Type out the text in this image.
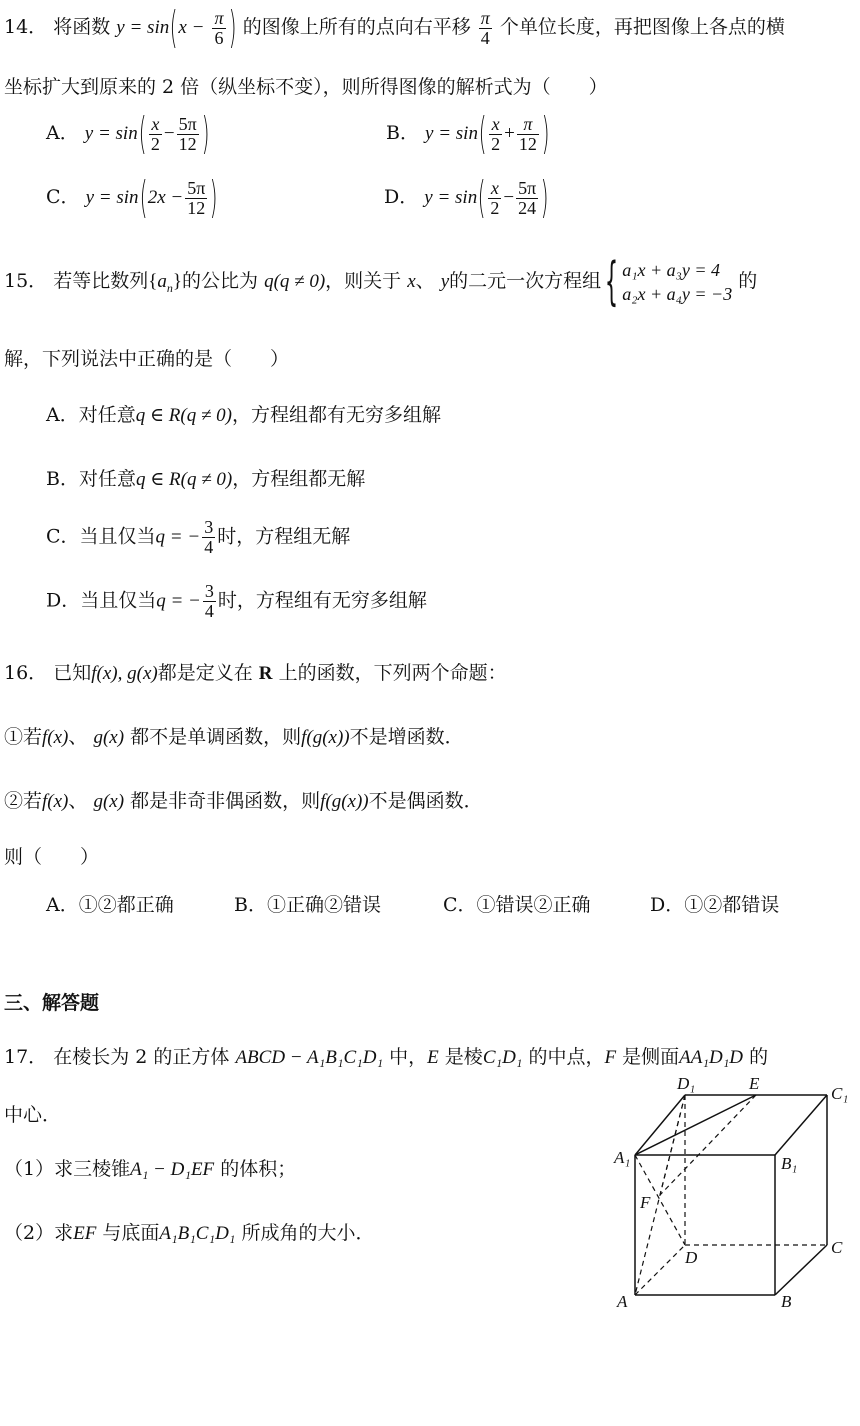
14． 将函数 $y = \sin(x - \frac{\pi}{6}$ ) 的图像上所有的点向右平移 $\frac{\pi}{4}$ 个单位长度，再把图像上各点的横
坐标扩大到原来的 2 倍（纵坐标不变），则所得图像的解析式为（　　）
A． $y = \sin( \frac{x}{2} - \frac{5\pi}{12}$ )	B． $y = \sin( \frac{x}{2} + \frac{\pi}{12}$ )
C． $y = \sin(2x - \frac{5\pi}{12}$ )	D． $y = \sin( \frac{x}{2} - \frac{5\pi}{24}$ )
15． 若等比数列$\{a_n\}$的公比为 q(q ≠ 0)，则关于 x、 y的二元一次方程组{ a₁x + a₃y = 4
a₂x + a₄y = −3
的
解，下列说法中正确的是（　　）
A．对任意q ∈ R(q ≠ 0)，方程组都有无穷多组解
B．对任意q ∈ R(q ≠ 0)，方程组都无解
C．当且仅当q = − $\frac{3}{4}$ 时，方程组无解
D．当且仅当q = − $\frac{3}{4}$ 时，方程组有无穷多组解
16． 已知f(x), g(x)都是定义在 R 上的函数，下列两个命题：
①若f(x)、 g(x) 都不是单调函数，则f(g(x))不是增函数．
②若f(x)、 g(x) 都是非奇非偶函数，则f(g(x))不是偶函数．
则（　　）
A．①②都正确	B．①正确②错误	C．①错误②正确	D．①②都错误
三、解答题
17． 在棱长为 2 的正方体 ABCD − A₁B₁C₁D₁ 中，E 是棱C₁D₁ 的中点，F 是侧面AA₁D₁D 的
中心．
（1）求三棱锥A₁ − D₁EF 的体积；
（2）求EF 与底面A₁B₁C₁D₁ 所成角的大小．
D₁	E
C₁
A₁	B₁
F
D
C
A	B
